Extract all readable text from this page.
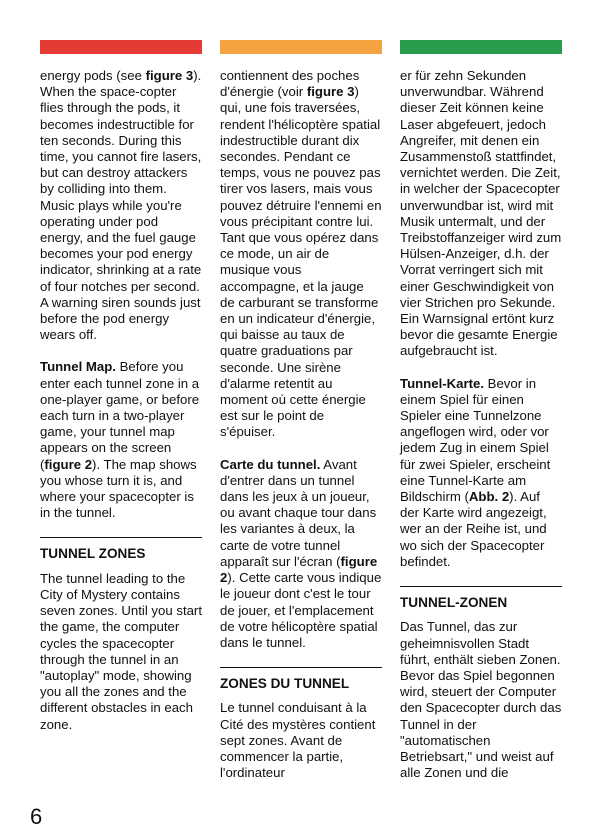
energy pods (see figure 3). When the space-copter flies through the pods, it becomes indestructible for ten seconds. During this time, you cannot fire lasers, but can destroy attackers by colliding into them. Music plays while you're operating under pod energy, and the fuel gauge becomes your pod energy indicator, shrinking at a rate of four notches per second. A warning siren sounds just before the pod energy wears off.

Tunnel Map. Before you enter each tunnel zone in a one-player game, or before each turn in a two-player game, your tunnel map appears on the screen (figure 2). The map shows you whose turn it is, and where your spacecopter is in the tunnel.

TUNNEL ZONES

The tunnel leading to the City of Mystery contains seven zones. Until you start the game, the computer cycles the spacecopter through the tunnel in an "autoplay" mode, showing you all the zones and the different obstacles in each zone.

contiennent des poches d'énergie (voir figure 3) qui, une fois traversées, rendent l'hélicoptère spatial indestructible durant dix secondes. Pendant ce temps, vous ne pouvez pas tirer vos lasers, mais vous pouvez détruire l'ennemi en vous précipitant contre lui. Tant que vous opérez dans ce mode, un air de musique vous accompagne, et la jauge de carburant se transforme en un indicateur d'énergie, qui baisse au taux de quatre graduations par seconde. Une sirène d'alarme retentit au moment où cette énergie est sur le point de s'épuiser.

Carte du tunnel. Avant d'entrer dans un tunnel dans les jeux à un joueur, ou avant chaque tour dans les variantes à deux, la carte de votre tunnel apparaît sur l'écran (figure 2). Cette carte vous indique le joueur dont c'est le tour de jouer, et l'emplacement de votre hélicoptère spatial dans le tunnel.

ZONES DU TUNNEL

Le tunnel conduisant à la Cité des mystères contient sept zones. Avant de commencer la partie, l'ordinateur

er für zehn Sekunden unverwundbar. Während dieser Zeit können keine Laser abgefeuert, jedoch Angreifer, mit denen ein Zusammenstoß stattfindet, vernichtet werden. Die Zeit, in welcher der Spacecopter unverwundbar ist, wird mit Musik untermalt, und der Treibstoffanzeiger wird zum Hülsen-Anzeiger, d.h. der Vorrat verringert sich mit einer Geschwindigkeit von vier Strichen pro Sekunde. Ein Warnsignal ertönt kurz bevor die gesamte Energie aufgebraucht ist.

Tunnel-Karte. Bevor in einem Spiel für einen Spieler eine Tunnelzone angeflogen wird, oder vor jedem Zug in einem Spiel für zwei Spieler, erscheint eine Tunnel-Karte am Bildschirm (Abb. 2). Auf der Karte wird angezeigt, wer an der Reihe ist, und wo sich der Spacecopter befindet.

TUNNEL-ZONEN

Das Tunnel, das zur geheimnisvollen Stadt führt, enthält sieben Zonen. Bevor das Spiel begonnen wird, steuert der Computer den Spacecopter durch das Tunnel in der "automatischen Betriebsart," und weist auf alle Zonen und die

6
